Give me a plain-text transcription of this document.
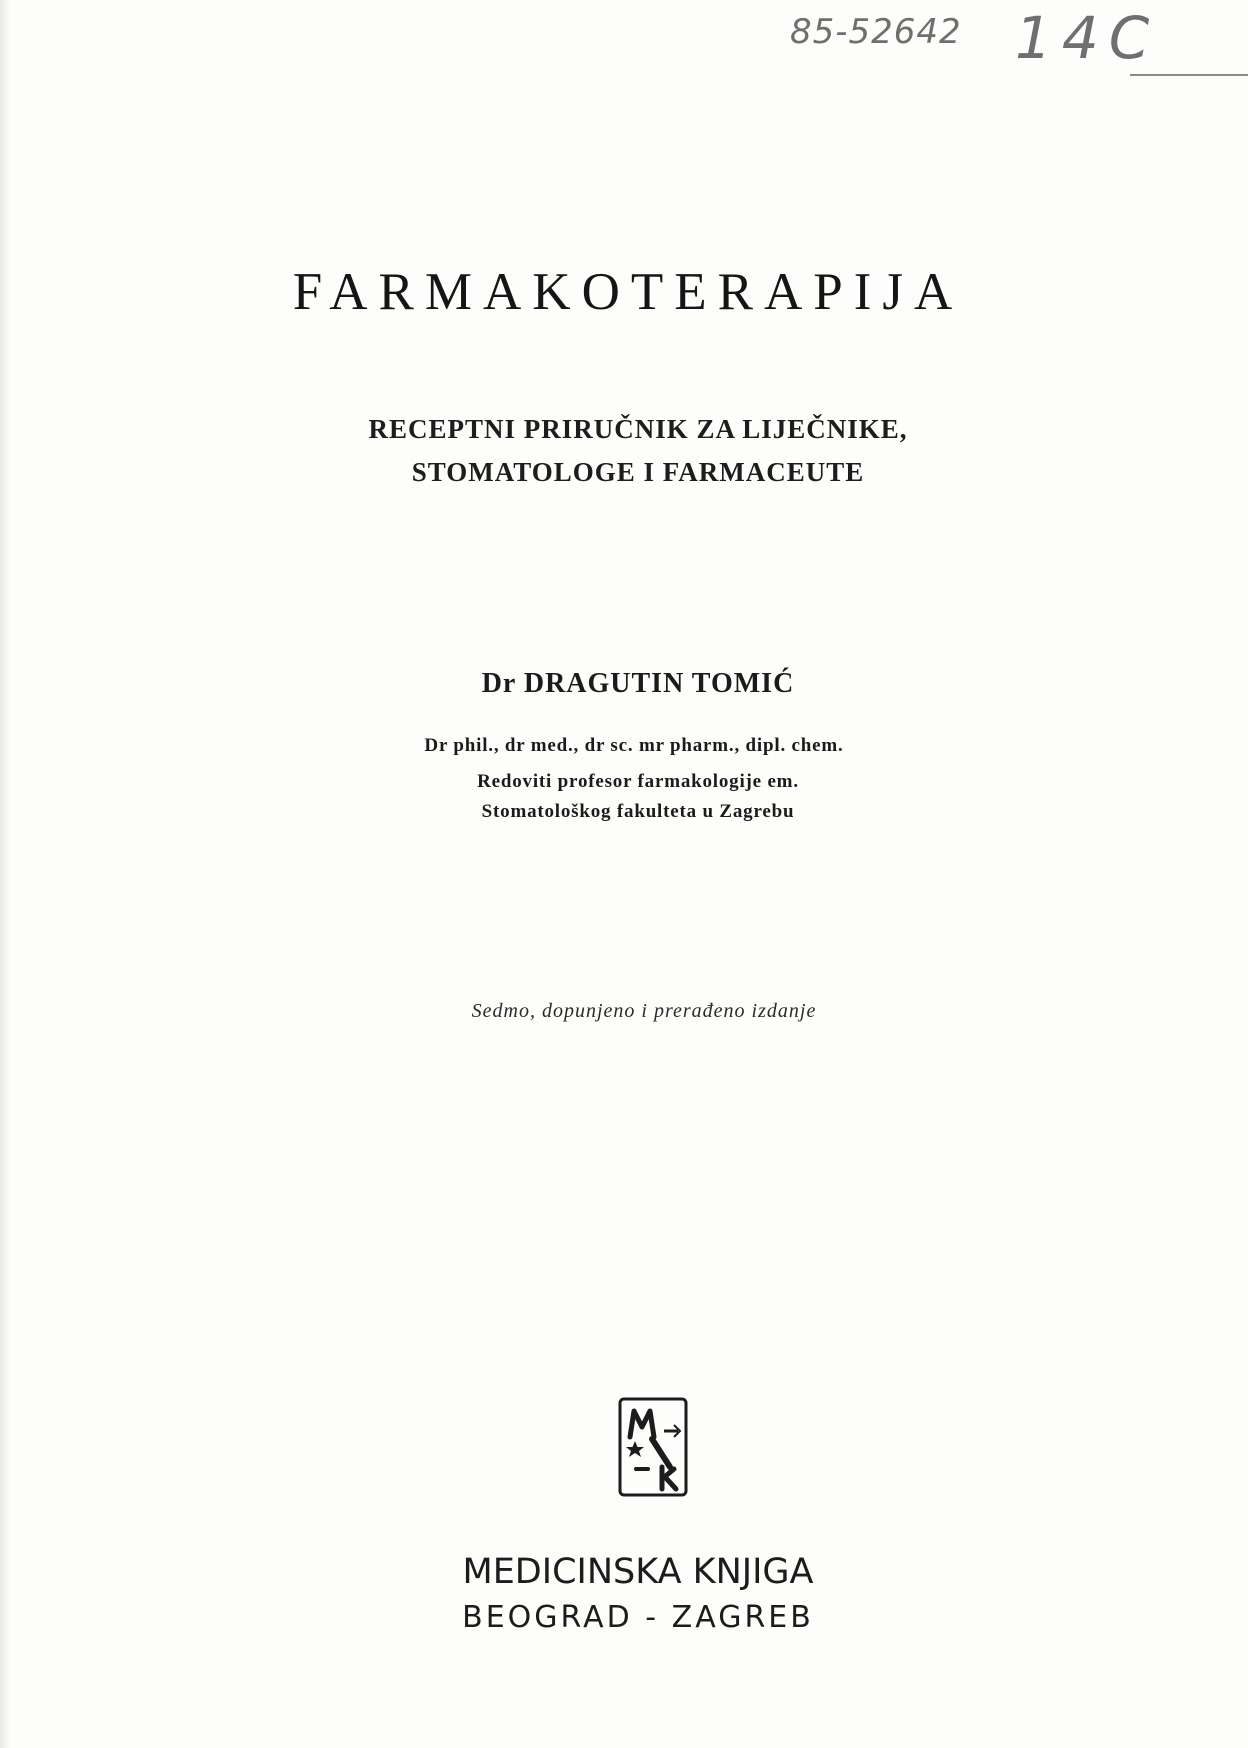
85-52642 14C
FARMAKOTERAPIJA
RECEPTNI PRIRUČNIK ZA LIJEČNIKE,
STOMATOLOGE I FARMACEUTE
Dr DRAGUTIN TOMIĆ
Dr phil., dr med., dr sc. mr pharm., dipl. chem.
Redoviti profesor farmakologije em.
Stomatološkog fakulteta u Zagrebu
Sedmo, dopunjeno i prerađeno izdanje
MEDICINSKA KNJIGA
BEOGRAD - ZAGREB
